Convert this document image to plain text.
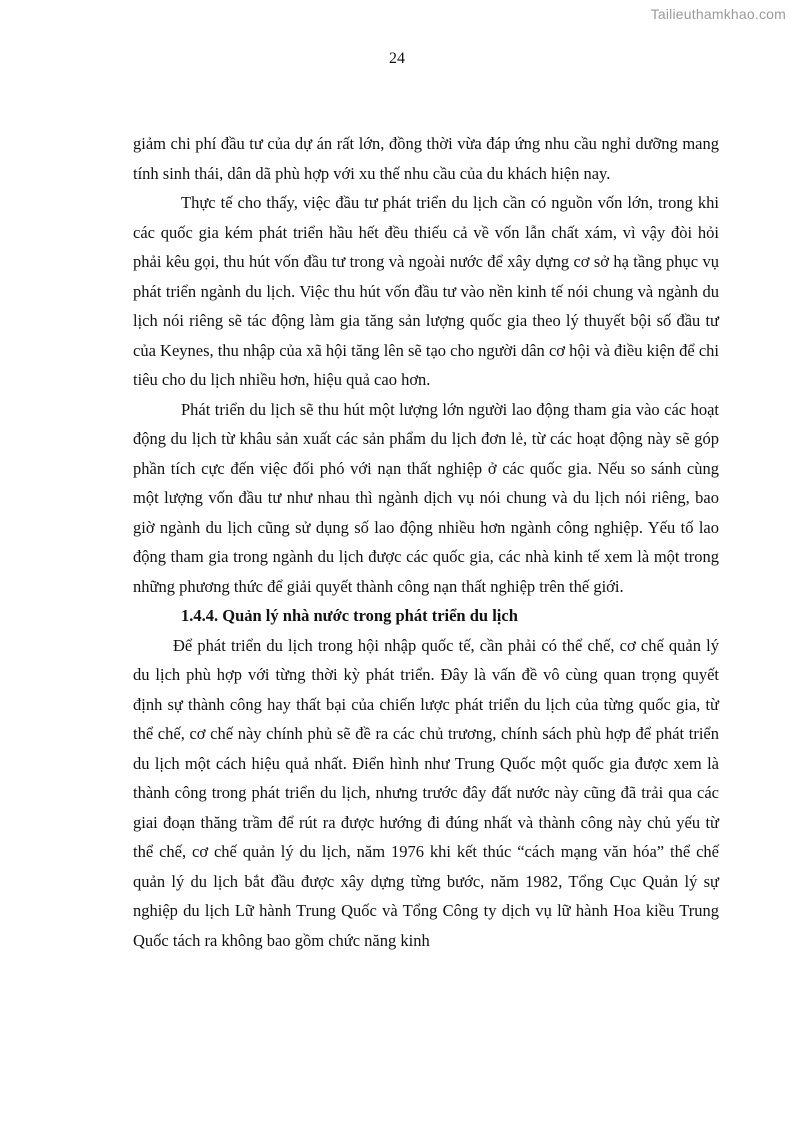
Tailieuthamkhao.com
24

giảm chi phí đầu tư của dự án rất lớn, đồng thời vừa đáp ứng nhu cầu nghỉ dưỡng mang tính sinh thái, dân dã phù hợp với xu thế nhu cầu của du khách hiện nay.

Thực tế cho thấy, việc đầu tư phát triển du lịch cần có nguồn vốn lớn, trong khi các quốc gia kém phát triển hầu hết đều thiếu cả về vốn lẫn chất xám, vì vậy đòi hỏi phải kêu gọi, thu hút vốn đầu tư trong và ngoài nước để xây dựng cơ sở hạ tầng phục vụ phát triển ngành du lịch. Việc thu hút vốn đầu tư vào nền kinh tế nói chung và ngành du lịch nói riêng sẽ tác động làm gia tăng sản lượng quốc gia theo lý thuyết bội số đầu tư của Keynes, thu nhập của xã hội tăng lên sẽ tạo cho người dân cơ hội và điều kiện để chi tiêu cho du lịch nhiều hơn, hiệu quả cao hơn.

Phát triển du lịch sẽ thu hút một lượng lớn người lao động tham gia vào các hoạt động du lịch từ khâu sản xuất các sản phẩm du lịch đơn lẻ, từ các hoạt động này sẽ góp phần tích cực đến việc đối phó với nạn thất nghiệp ở các quốc gia. Nếu so sánh cùng một lượng vốn đầu tư như nhau thì ngành dịch vụ nói chung và du lịch nói riêng, bao giờ ngành du lịch cũng sử dụng số lao động nhiều hơn ngành công nghiệp. Yếu tố lao động tham gia trong ngành du lịch được các quốc gia, các nhà kinh tế xem là một trong những phương thức để giải quyết thành công nạn thất nghiệp trên thế giới.

1.4.4. Quản lý nhà nước trong phát triển du lịch

Để phát triển du lịch trong hội nhập quốc tế, cần phải có thể chế, cơ chế quản lý du lịch phù hợp với từng thời kỳ phát triển. Đây là vấn đề vô cùng quan trọng quyết định sự thành công hay thất bại của chiến lược phát triển du lịch của từng quốc gia, từ thể chế, cơ chế này chính phủ sẽ đề ra các chủ trương, chính sách phù hợp để phát triển du lịch một cách hiệu quả nhất. Điển hình như Trung Quốc một quốc gia được xem là thành công trong phát triển du lịch, nhưng trước đây đất nước này cũng đã trải qua các giai đoạn thăng trầm để rút ra được hướng đi đúng nhất và thành công này chủ yếu từ thể chế, cơ chế quản lý du lịch, năm 1976 khi kết thúc “cách mạng văn hóa” thể chế quản lý du lịch bắt đầu được xây dựng từng bước, năm 1982, Tổng Cục Quản lý sự nghiệp du lịch Lữ hành Trung Quốc và Tổng Công ty dịch vụ lữ hành Hoa kiều Trung Quốc tách ra không bao gồm chức năng kinh
